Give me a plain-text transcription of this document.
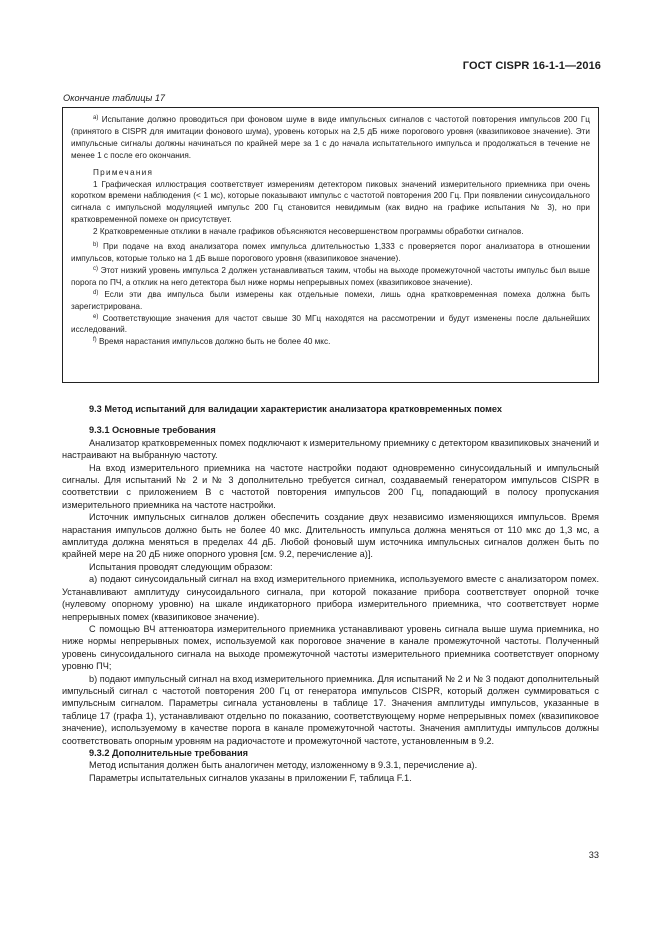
ГОСТ CISPR 16-1-1—2016
Окончание таблицы 17

$^{а)}$ Испытание должно проводиться при фоновом шуме в виде импульсных сигналов с частотой повторения импульсов 200 Гц (принятого в CISPR для имитации фонового шума), уровень которых на 2,5 дБ ниже порогового уровня (квазипиковое значение). Эти импульсные сигналы должны начинаться по крайней мере за 1 с до начала испытательного импульса и продолжаться в течение не менее 1 с после его окончания.

Примечания

1 Графическая иллюстрация соответствует измерениям детектором пиковых значений измерительного приемника при очень коротком времени наблюдения (< 1 мс), которые показывают импульс с частотой повторения 200 Гц. При появлении синусоидального сигнала с импульсной модуляцией импульс 200 Гц становится невидимым (как видно на графике испытания № 3), но при кратковременной помехе он присутствует.

2 Кратковременные отклики в начале графиков объясняются несовершенством программы обработки сигналов.

$^{b)}$ При подаче на вход анализатора помех импульса длительностью 1,333 с проверяется порог анализатора в отношении импульсов, которые только на 1 дБ выше порогового уровня (квазипиковое значение).

$^{c)}$ Этот низкий уровень импульса 2 должен устанавливаться таким, чтобы на выходе промежуточной частоты импульс был выше порога по ПЧ, а отклик на него детектора был ниже нормы непрерывных помех (квазипиковое значение).

$^{d)}$ Если эти два импульса были измерены как отдельные помехи, лишь одна кратковременная помеха должна быть зарегистрирована.

$^{e)}$ Соответствующие значения для частот свыше 30 МГц находятся на рассмотрении и будут изменены после дальнейших исследований.

$^{f)}$ Время нарастания импульсов должно быть не более 40 мкс.

9.3 Метод испытаний для валидации характеристик анализатора кратковременных помех

9.3.1 Основные требования

Анализатор кратковременных помех подключают к измерительному приемнику с детектором квазипиковых значений и настраивают на выбранную частоту.

На вход измерительного приемника на частоте настройки подают одновременно синусоидальный и импульсный сигналы. Для испытаний № 2 и № 3 дополнительно требуется сигнал, создаваемый генератором импульсов CISPR в соответствии с приложением В с частотой повторения импульсов 200 Гц, попадающий в полосу пропускания измерительного приемника на частоте настройки.

Источник импульсных сигналов должен обеспечить создание двух независимо изменяющихся импульсов. Время нарастания импульсов должно быть не более 40 мкс. Длительность импульса должна меняться от 110 мкс до 1,3 мс, а амплитуда должна меняться в пределах 44 дБ. Любой фоновый шум источника импульсных сигналов должен быть по крайней мере на 20 дБ ниже опорного уровня [см. 9.2, перечисление а)].

Испытания проводят следующим образом:

а) подают синусоидальный сигнал на вход измерительного приемника, используемого вместе с анализатором помех. Устанавливают амплитуду синусоидального сигнала, при которой показание прибора соответствует опорной точке (нулевому опорному уровню) на шкале индикаторного прибора измерительного приемника, что соответствует норме непрерывных помех (квазипиковое значение).

С помощью ВЧ аттенюатора измерительного приемника устанавливают уровень сигнала выше шума приемника, но ниже нормы непрерывных помех, используемой как пороговое значение в канале промежуточной частоты. Полученный уровень синусоидального сигнала на выходе промежуточной частоты измерительного приемника соответствует опорному уровню ПЧ;

b) подают импульсный сигнал на вход измерительного приемника. Для испытаний № 2 и № 3 подают дополнительный импульсный сигнал с частотой повторения 200 Гц от генератора импульсов CISPR, который должен суммироваться с импульсным сигналом. Параметры сигнала установлены в таблице 17. Значения амплитуды импульсов, указанные в таблице 17 (графа 1), устанавливают отдельно по показанию, соответствующему норме непрерывных помех (квазипиковое значение), используемому в качестве порога в канале промежуточной частоты. Значения амплитуды импульсов должны соответствовать опорным уровням на радиочастоте и промежуточной частоте, установленным в 9.2.

9.3.2 Дополнительные требования

Метод испытания должен быть аналогичен методу, изложенному в 9.3.1, перечисление а).

Параметры испытательных сигналов указаны в приложении F, таблица F.1.

33
